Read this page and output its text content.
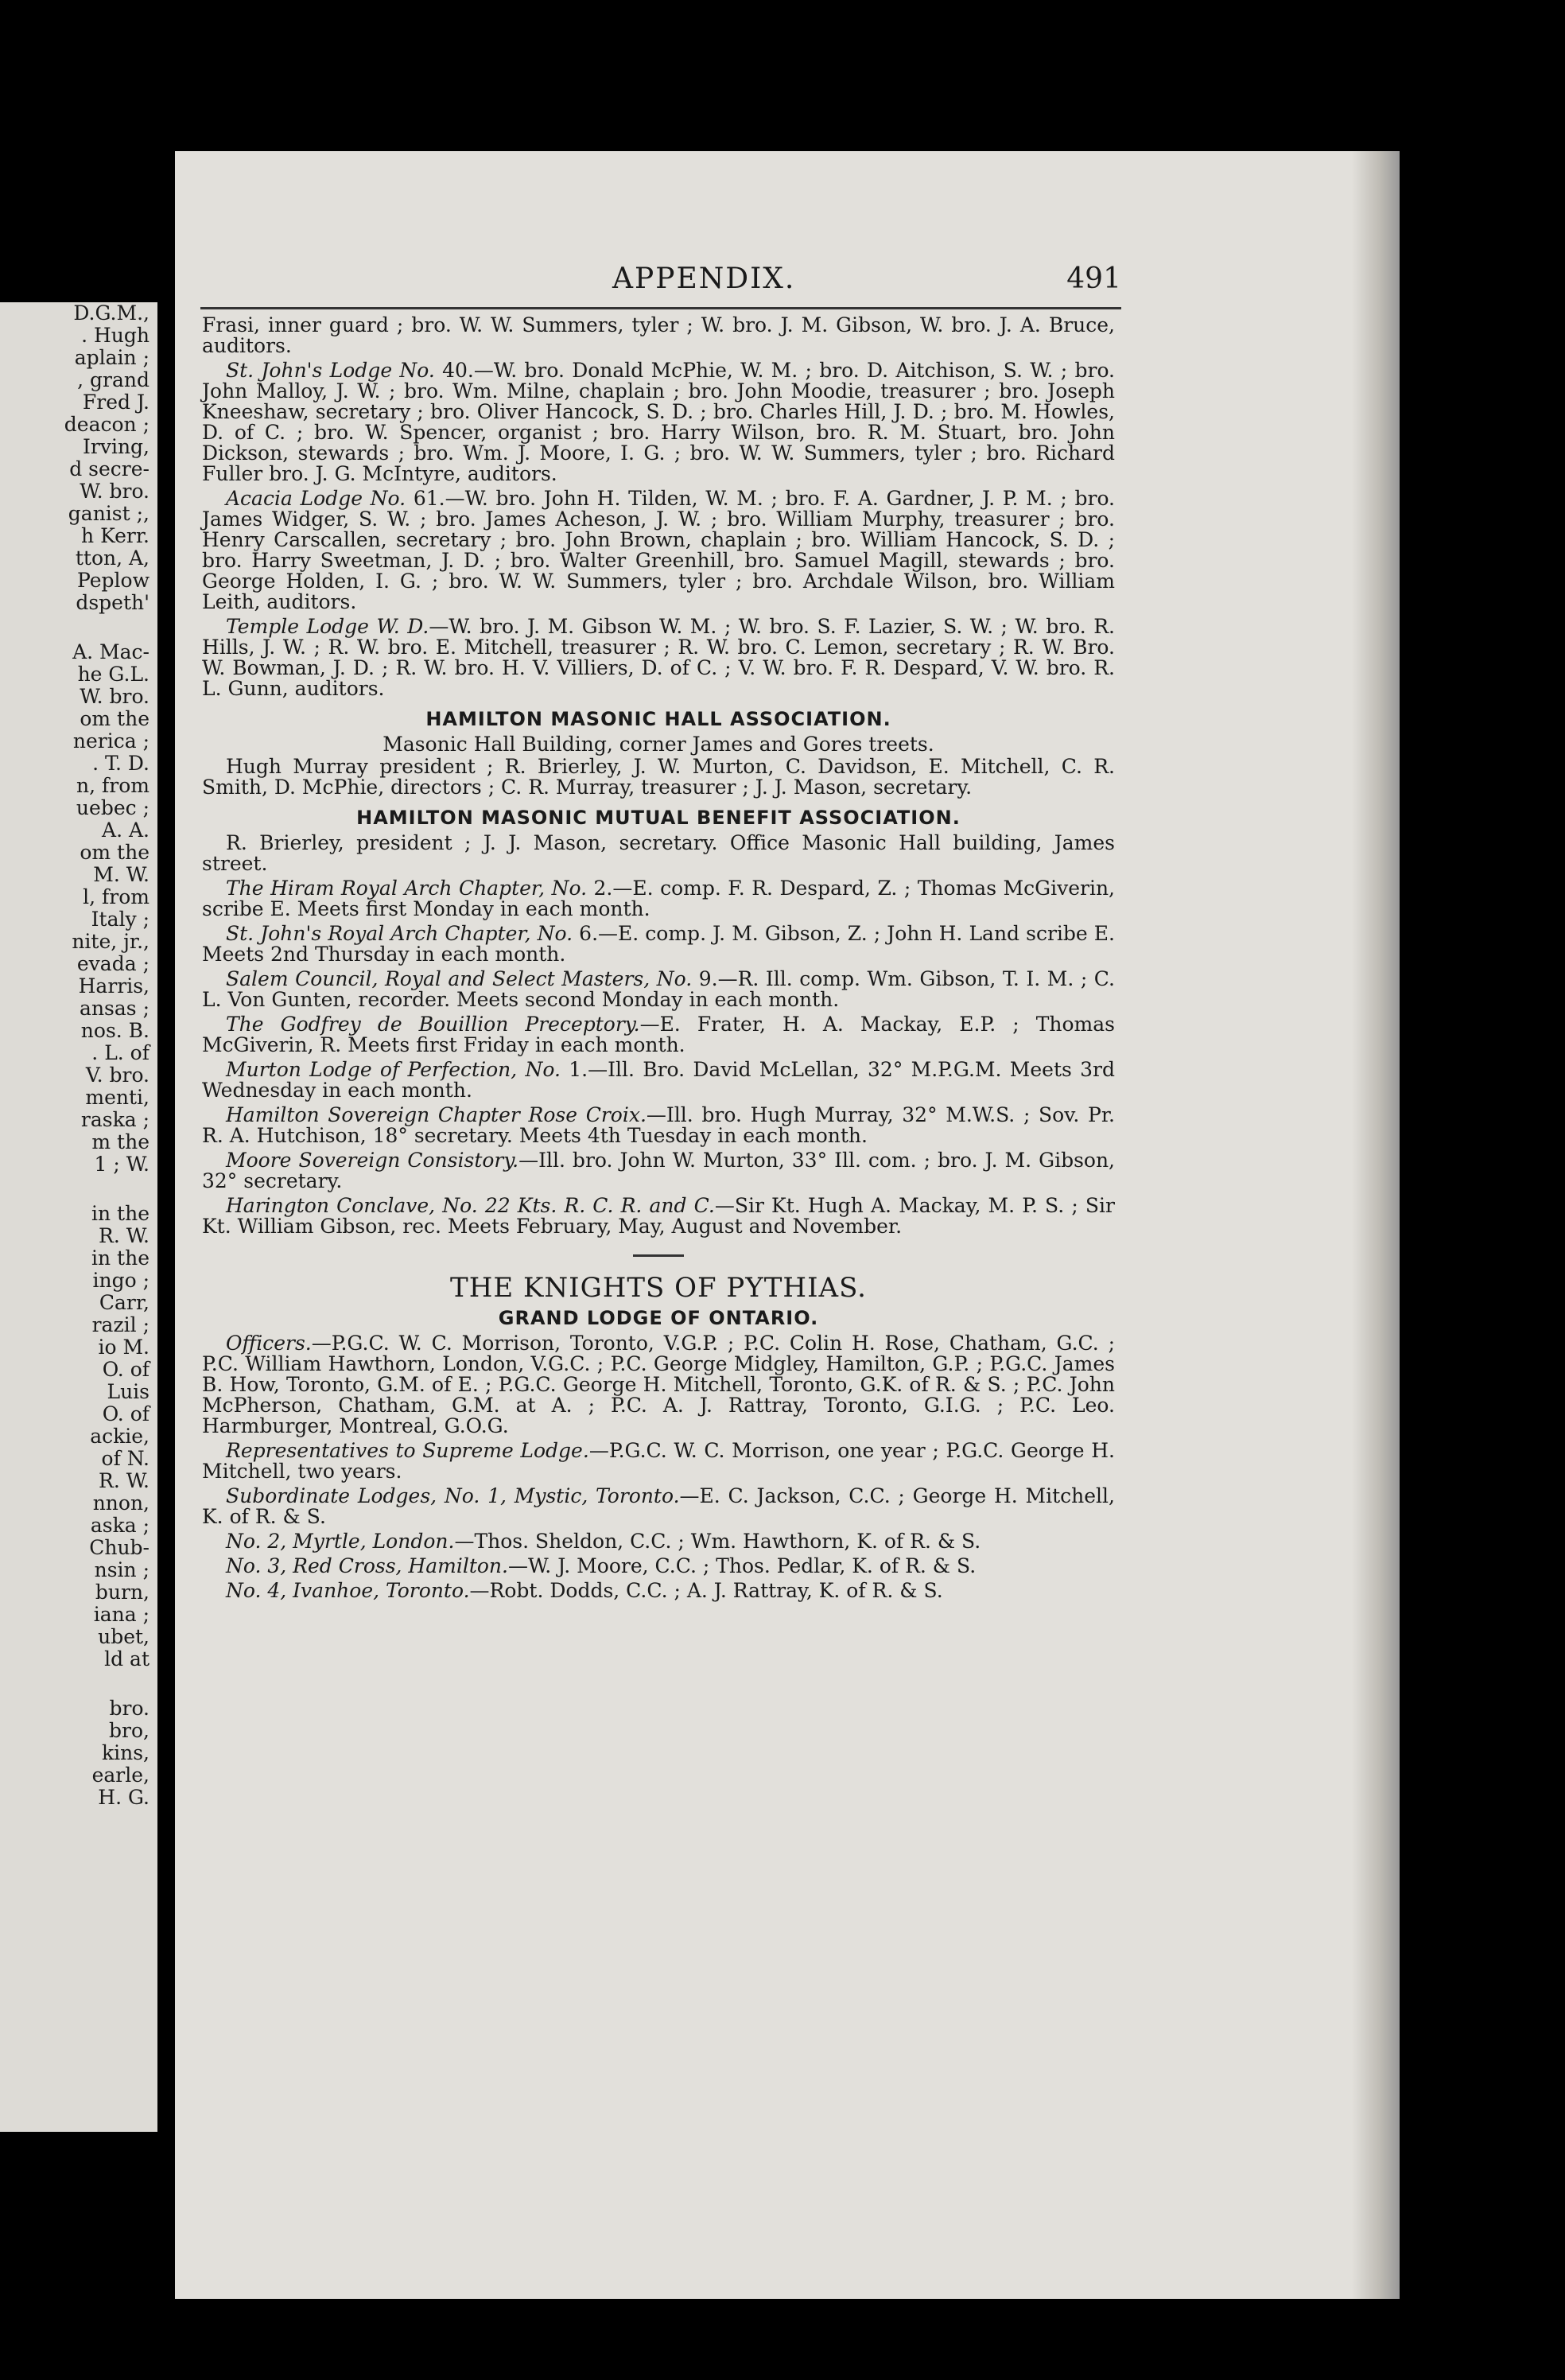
D.G.M.,
. Hugh
aplain ;
, grand
Fred J.
deacon ;
Irving,
d secre-
W. bro.
ganist ;,
h Kerr.
tton, A,
Peplow
dspeth'
A. Mac-
he G.L.
W. bro.
om the
nerica ;
. T. D.
n, from
uebec ;
A. A.
om the
M. W.
l, from
Italy ;
nite, jr.,
evada ;
Harris,
ansas ;
nos. B.
. L. of
V. bro.
menti,
raska ;
m the
1 ; W.
in the
R. W.
in the
ingo ;
Carr,
razil ;
io M.
O. of
Luis
O. of
ackie,
of N.
R. W.
nnon,
aska ;
Chub-
nsin ;
burn,
iana ;
ubet,
ld at
bro.
bro,
kins,
earle,
H. G.
APPENDIX.	491

Frasi, inner guard ; bro. W. W. Summers, tyler ; W. bro. J. M. Gibson, W. bro. J. A. Bruce, auditors.

St. John's Lodge No. 40.—W. bro. Donald McPhie, W. M. ; bro. D. Aitchison, S. W. ; bro. John Malloy, J. W. ; bro. Wm. Milne, chaplain ; bro. John Moodie, treasurer ; bro. Joseph Kneeshaw, secretary ; bro. Oliver Hancock, S. D. ; bro. Charles Hill, J. D. ; bro. M. Howles, D. of C. ; bro. W. Spencer, organist ; bro. Harry Wilson, bro. R. M. Stuart, bro. John Dickson, stewards ; bro. Wm. J. Moore, I. G. ; bro. W. W. Summers, tyler ; bro. Richard Fuller bro. J. G. McIntyre, auditors.

Acacia Lodge No. 61.—W. bro. John H. Tilden, W. M. ; bro. F. A. Gardner, J. P. M. ; bro. James Widger, S. W. ; bro. James Acheson, J. W. ; bro. William Murphy, treasurer ; bro. Henry Carscallen, secretary ; bro. John Brown, chaplain ; bro. William Hancock, S. D. ; bro. Harry Sweetman, J. D. ; bro. Walter Greenhill, bro. Samuel Magill, stewards ; bro. George Holden, I. G. ; bro. W. W. Summers, tyler ; bro. Archdale Wilson, bro. William Leith, auditors.

Temple Lodge W. D.—W. bro. J. M. Gibson W. M. ; W. bro. S. F. Lazier, S. W. ; W. bro. R. Hills, J. W. ; R. W. bro. E. Mitchell, treasurer ; R. W. bro. C. Lemon, secretary ; R. W. Bro. W. Bowman, J. D. ; R. W. bro. H. V. Villiers, D. of C. ; V. W. bro. F. R. Despard, V. W. bro. R. L. Gunn, auditors.

HAMILTON MASONIC HALL ASSOCIATION.
Masonic Hall Building, corner James and Gores treets.

Hugh Murray president ; R. Brierley, J. W. Murton, C. Davidson, E. Mitchell, C. R. Smith, D. McPhie, directors ; C. R. Murray, treasurer ; J. J. Mason, secretary.

HAMILTON MASONIC MUTUAL BENEFIT ASSOCIATION.

R. Brierley, president ; J. J. Mason, secretary. Office Masonic Hall building, James street.

The Hiram Royal Arch Chapter, No. 2.—E. comp. F. R. Despard, Z. ; Thomas McGiverin, scribe E. Meets first Monday in each month.

St. John's Royal Arch Chapter, No. 6.—E. comp. J. M. Gibson, Z. ; John H. Land scribe E. Meets 2nd Thursday in each month.

Salem Council, Royal and Select Masters, No. 9.—R. Ill. comp. Wm. Gibson, T. I. M. ; C. L. Von Gunten, recorder. Meets second Monday in each month.

The Godfrey de Bouillion Preceptory.—E. Frater, H. A. Mackay, E.P. ; Thomas McGiverin, R. Meets first Friday in each month.

Murton Lodge of Perfection, No. 1.—Ill. Bro. David McLellan, 32° M.P.G.M. Meets 3rd Wednesday in each month.

Hamilton Sovereign Chapter Rose Croix.—Ill. bro. Hugh Murray, 32° M.W.S. ; Sov. Pr. R. A. Hutchison, 18° secretary. Meets 4th Tuesday in each month.

Moore Sovereign Consistory.—Ill. bro. John W. Murton, 33° Ill. com. ; bro. J. M. Gibson, 32° secretary.

Harington Conclave, No. 22 Kts. R. C. R. and C.—Sir Kt. Hugh A. Mackay, M. P. S. ; Sir Kt. William Gibson, rec. Meets February, May, August and November.

THE KNIGHTS OF PYTHIAS.
GRAND LODGE OF ONTARIO.

Officers.—P.G.C. W. C. Morrison, Toronto, V.G.P. ; P.C. Colin H. Rose, Chatham, G.C. ; P.C. William Hawthorn, London, V.G.C. ; P.C. George Midgley, Hamilton, G.P. ; P.G.C. James B. How, Toronto, G.M. of E. ; P.G.C. George H. Mitchell, Toronto, G.K. of R. & S. ; P.C. John McPherson, Chatham, G.M. at A. ; P.C. A. J. Rattray, Toronto, G.I.G. ; P.C. Leo. Harmburger, Montreal, G.O.G.

Representatives to Supreme Lodge.—P.G.C. W. C. Morrison, one year ; P.G.C. George H. Mitchell, two years.

Subordinate Lodges, No. 1, Mystic, Toronto.—E. C. Jackson, C.C. ; George H. Mitchell, K. of R. & S.

No. 2, Myrtle, London.—Thos. Sheldon, C.C. ; Wm. Hawthorn, K. of R. & S.

No. 3, Red Cross, Hamilton.—W. J. Moore, C.C. ; Thos. Pedlar, K. of R. & S.

No. 4, Ivanhoe, Toronto.—Robt. Dodds, C.C. ; A. J. Rattray, K. of R. & S.
